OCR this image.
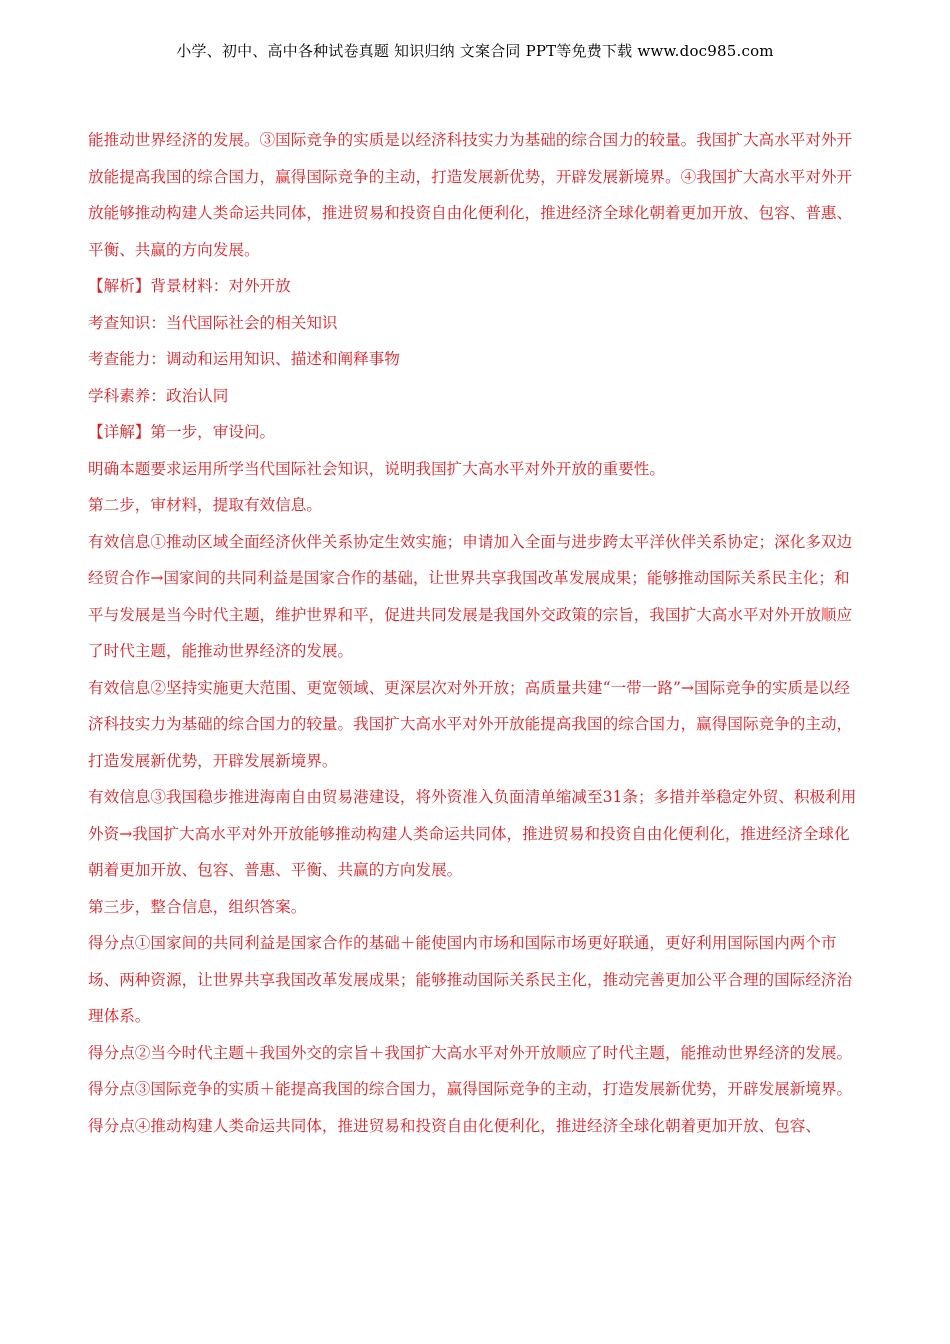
小学、初中、高中各种试卷真题 知识归纳 文案合同 PPT等免费下载 www.doc985.com

能推动世界经济的发展。③国际竞争的实质是以经济科技实力为基础的综合国力的较量。我国扩大高水平对外开放能提高我国的综合国力，赢得国际竞争的主动，打造发展新优势，开辟发展新境界。④我国扩大高水平对外开放能够推动构建人类命运共同体，推进贸易和投资自由化便利化，推进经济全球化朝着更加开放、包容、普惠、平衡、共赢的方向发展。

【解析】背景材料：对外开放

考查知识：当代国际社会的相关知识

考查能力：调动和运用知识、描述和阐释事物

学科素养：政治认同

【详解】第一步，审设问。

明确本题要求运用所学当代国际社会知识，说明我国扩大高水平对外开放的重要性。

第二步，审材料，提取有效信息。

有效信息①推动区域全面经济伙伴关系协定生效实施；申请加入全面与进步跨太平洋伙伴关系协定；深化多双边经贸合作→国家间的共同利益是国家合作的基础，让世界共享我国改革发展成果；能够推动国际关系民主化；和平与发展是当今时代主题，维护世界和平，促进共同发展是我国外交政策的宗旨，我国扩大高水平对外开放顺应了时代主题，能推动世界经济的发展。

有效信息②坚持实施更大范围、更宽领域、更深层次对外开放；高质量共建“一带一路”→国际竞争的实质是以经济科技实力为基础的综合国力的较量。我国扩大高水平对外开放能提高我国的综合国力，赢得国际竞争的主动，打造发展新优势，开辟发展新境界。

有效信息③我国稳步推进海南自由贸易港建设，将外资准入负面清单缩减至31条；多措并举稳定外贸、积极利用外资→我国扩大高水平对外开放能够推动构建人类命运共同体，推进贸易和投资自由化便利化，推进经济全球化朝着更加开放、包容、普惠、平衡、共赢的方向发展。

第三步，整合信息，组织答案。

得分点①国家间的共同利益是国家合作的基础＋能使国内市场和国际市场更好联通，更好利用国际国内两个市场、两种资源，让世界共享我国改革发展成果；能够推动国际关系民主化，推动完善更加公平合理的国际经济治理体系。

得分点②当今时代主题＋我国外交的宗旨＋我国扩大高水平对外开放顺应了时代主题，能推动世界经济的发展。

得分点③国际竞争的实质＋能提高我国的综合国力，赢得国际竞争的主动，打造发展新优势，开辟发展新境界。

得分点④推动构建人类命运共同体，推进贸易和投资自由化便利化，推进经济全球化朝着更加开放、包容、
